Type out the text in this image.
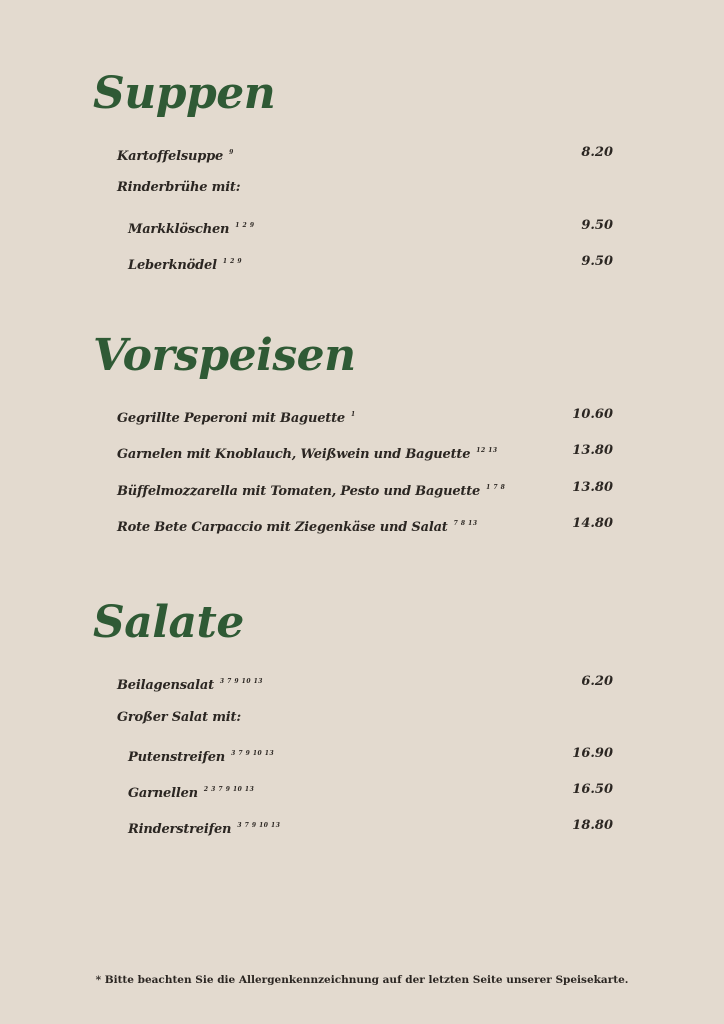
Suppen
Kartoffelsuppe $^9$	8.20
Rinderbrühe mit:
Markklöschen $^{1 2 9}$	9.50
Leberknödel $^{1 2 9}$	9.50
Vorspeisen
Gegrillte Peperoni mit Baguette $^1$	10.60
Garnelen mit Knoblauch, Weißwein und Baguette $^{12 13}$	13.80
Büffelmozzarella mit Tomaten, Pesto und Baguette $^{1 7 8}$	13.80
Rote Bete Carpaccio mit Ziegenkäse und Salat $^{7 8 13}$	14.80
Salate
Beilagensalat $^{3 7 9 10 13}$	6.20
Großer Salat mit:
Putenstreifen $^{3 7 9 10 13}$	16.90
Garnellen $^{2 3 7 9 10 13}$	16.50
Rinderstreifen $^{3 7 9 10 13}$	18.80
* Bitte beachten Sie die Allergenkennzeichnung auf der letzten Seite unserer Speisekarte.
